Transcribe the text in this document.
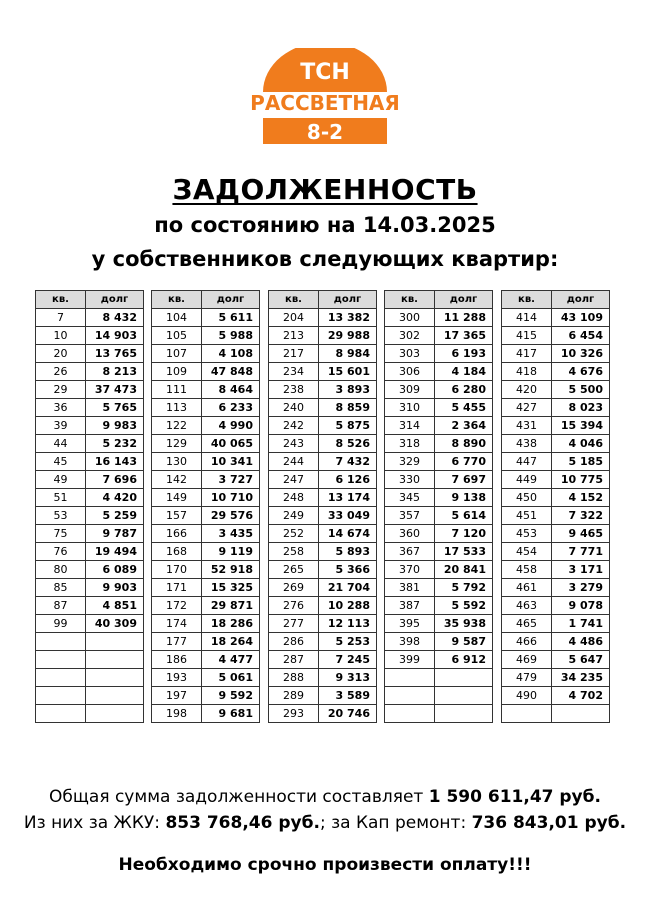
ТСН
РАССВЕТНАЯ
8-2
ЗАДОЛЖЕННОСТЬ
по состоянию на 14.03.2025
у собственников следующих квартир:
кв.	долг
7	8 432
10	14 903
20	13 765
26	8 213
29	37 473
36	5 765
39	9 983
44	5 232
45	16 143
49	7 696
51	4 420
53	5 259
75	9 787
76	19 494
80	6 089
85	9 903
87	4 851
99	40 309

кв.	долг
104	5 611
105	5 988
107	4 108
109	47 848
111	8 464
113	6 233
122	4 990
129	40 065
130	10 341
142	3 727
149	10 710
157	29 576
166	3 435
168	9 119
170	52 918
171	15 325
172	29 871
174	18 286
177	18 264
186	4 477
193	5 061
197	9 592
198	9 681
кв.	долг
204	13 382
213	29 988
217	8 984
234	15 601
238	3 893
240	8 859
242	5 875
243	8 526
244	7 432
247	6 126
248	13 174
249	33 049
252	14 674
258	5 893
265	5 366
269	21 704
276	10 288
277	12 113
286	5 253
287	7 245
288	9 313
289	3 589
293	20 746
кв.	долг
300	11 288
302	17 365
303	6 193
306	4 184
309	6 280
310	5 455
314	2 364
318	8 890
329	6 770
330	7 697
345	9 138
357	5 614
360	7 120
367	17 533
370	20 841
381	5 792
387	5 592
395	35 938
398	9 587
399	6 912

кв.	долг
414	43 109
415	6 454
417	10 326
418	4 676
420	5 500
427	8 023
431	15 394
438	4 046
447	5 185
449	10 775
450	4 152
451	7 322
453	9 465
454	7 771
458	3 171
461	3 279
463	9 078
465	1 741
466	4 486
469	5 647
479	34 235
490	4 702

Общая сумма задолженности составляет 1 590 611,47 руб.
Из них за ЖКУ: 853 768,46 руб.; за Кап ремонт: 736 843,01 руб.
Необходимо срочно произвести оплату!!!
